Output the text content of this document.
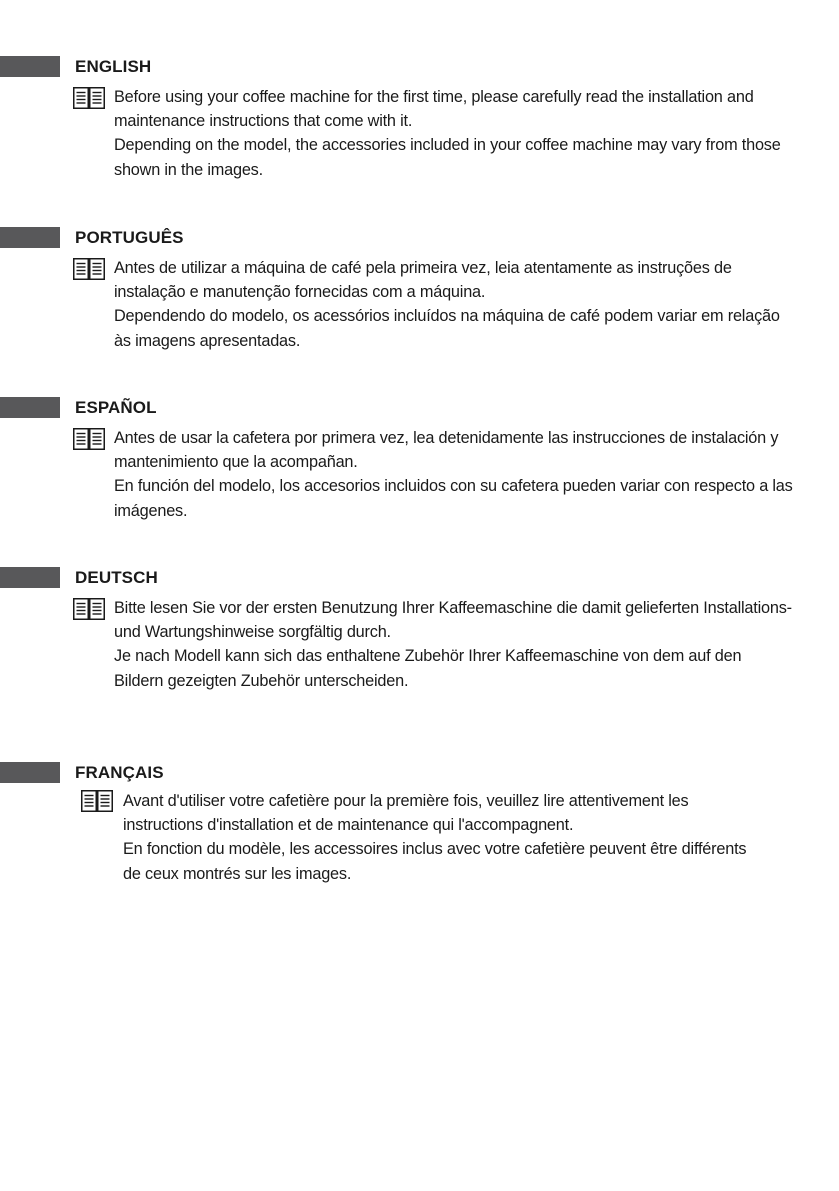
ENGLISH

Before using your coffee machine for the first time, please carefully read the installation and maintenance instructions that come with it.

Depending on the model, the accessories included in your coffee machine may vary from those shown in the images.

PORTUGUÊS

Antes de utilizar a máquina de café pela primeira vez, leia atentamente as instruções de instalação e manutenção fornecidas com a máquina.

Dependendo do modelo, os acessórios incluídos na máquina de café podem variar em relação às imagens apresentadas.

ESPAÑOL

Antes de usar la cafetera por primera vez, lea detenidamente las instrucciones de instalación y mantenimiento que la acompañan.

En función del modelo, los accesorios incluidos con su cafetera pueden variar con respecto a las imágenes.

DEUTSCH

Bitte lesen Sie vor der ersten Benutzung Ihrer Kaffeemaschine die damit gelieferten Installations- und Wartungshinweise sorgfältig durch.

Je nach Modell kann sich das enthaltene Zubehör Ihrer Kaffeemaschine von dem auf den Bildern gezeigten Zubehör unterscheiden.

FRANÇAIS

Avant d'utiliser votre cafetière pour la première fois, veuillez lire attentivement les instructions d'installation et de maintenance qui l'accompagnent.

En fonction du modèle, les accessoires inclus avec votre cafetière peuvent être différents de ceux montrés sur les images.
